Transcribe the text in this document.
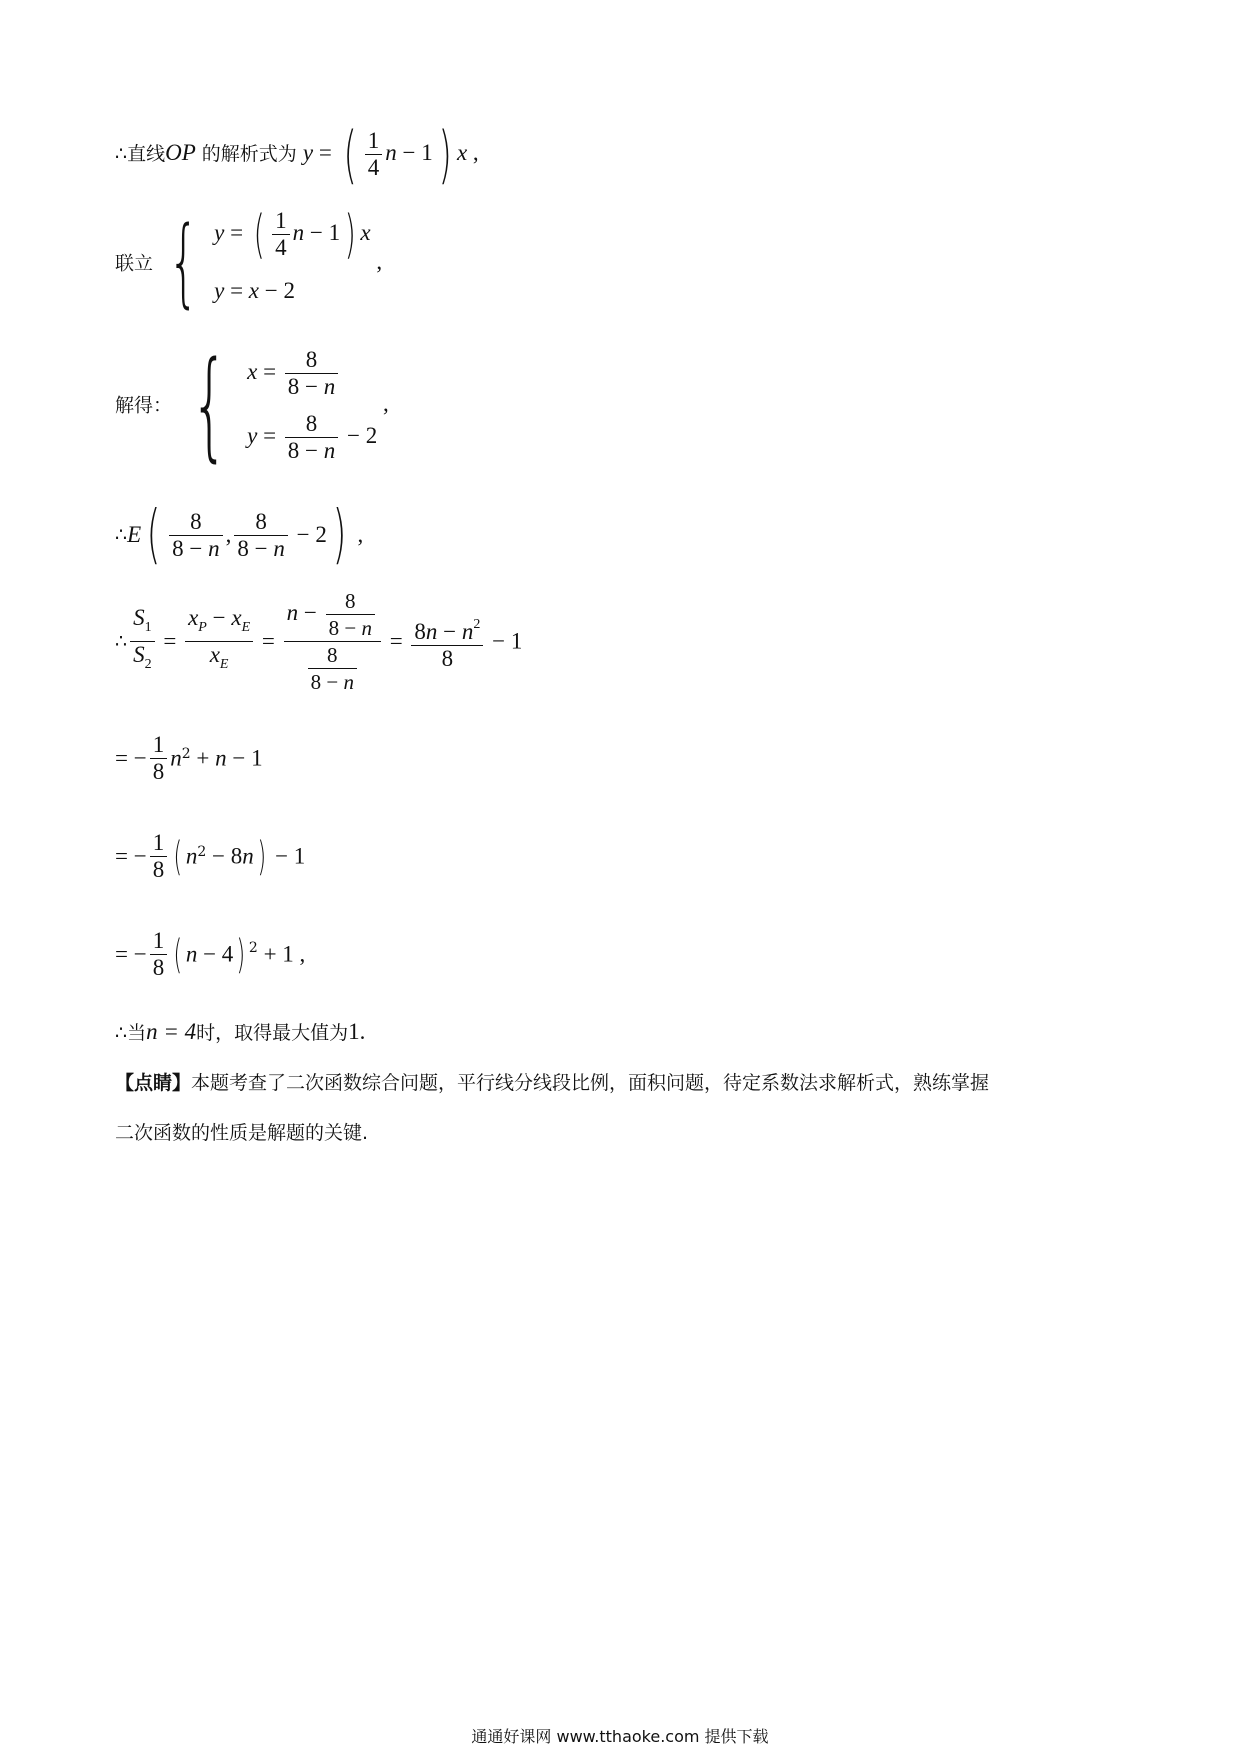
∴直线OP 的解析式为 y = ( $\frac{1}{4}$ n − 1) x ,
联立 { y = ( $\frac{1}{4}$ n − 1) x
y = x − 2
,
解得： { $x = \frac{8}{8 - n}$
$y = \frac{8}{8 - n} - 2$
,
∴E( $\frac{8}{8 - n}$ , $\frac{8}{8 - n} - 2$) ,
∴ $\frac{S_1}{S_2} = \frac{x_P - x_E}{x_E} = \frac{n - \frac{8}{8 - n}}{\frac{8}{8 - n}} = \frac{8n - n^2}{8} - 1$
= − $\frac{1}{8} n^2 + n - 1$
= − $\frac{1}{8}$ ( $n^2 - 8n) - 1$
= − $\frac{1}{8}$ ( n − 4) $^2$ + 1 ,
∴当n = 4时，取得最大值为1.
【点睛】本题考查了二次函数综合问题，平行线分线段比例，面积问题，待定系数法求解析式，熟练掌握
二次函数的性质是解题的关键.
通通好课网 www.tthaoke.com 提供下载
